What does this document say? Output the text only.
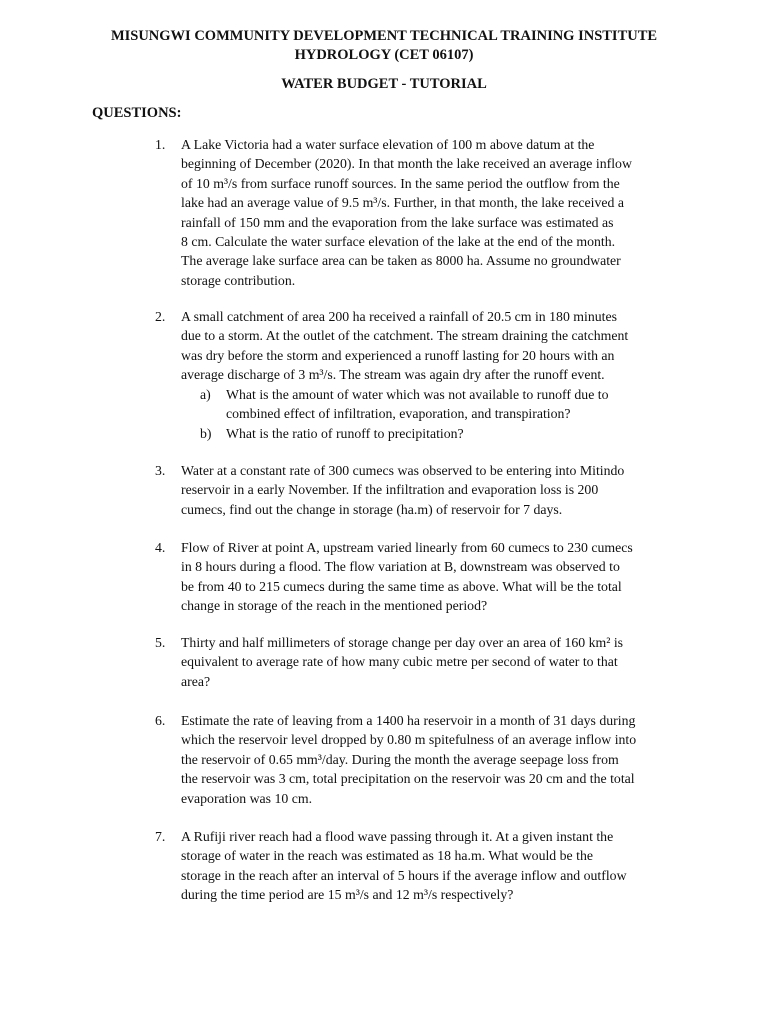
MISUNGWI COMMUNITY DEVELOPMENT TECHNICAL TRAINING INSTITUTE
HYDROLOGY (CET 06107)
WATER BUDGET - TUTORIAL
QUESTIONS:
1.	A Lake Victoria had a water surface elevation of 100 m above datum at the
beginning of December (2020). In that month the lake received an average inflow
of 10 m³/s from surface runoff sources. In the same period the outflow from the
lake had an average value of 9.5 m³/s. Further, in that month, the lake received a
rainfall of 150 mm and the evaporation from the lake surface was estimated as
8 cm. Calculate the water surface elevation of the lake at the end of the month.
The average lake surface area can be taken as 8000 ha. Assume no groundwater
storage contribution.
2.	A small catchment of area 200 ha received a rainfall of 20.5 cm in 180 minutes
due to a storm. At the outlet of the catchment. The stream draining the catchment
was dry before the storm and experienced a runoff lasting for 20 hours with an
average discharge of 3 m³/s. The stream was again dry after the runoff event.
a) What is the amount of water which was not available to runoff due to
combined effect of infiltration, evaporation, and transpiration?
b) What is the ratio of runoff to precipitation?
3.	Water at a constant rate of 300 cumecs was observed to be entering into Mitindo
reservoir in a early November. If the infiltration and evaporation loss is 200
cumecs, find out the change in storage (ha.m) of reservoir for 7 days.
4.	Flow of River at point A, upstream varied linearly from 60 cumecs to 230 cumecs
in 8 hours during a flood. The flow variation at B, downstream was observed to
be from 40 to 215 cumecs during the same time as above. What will be the total
change in storage of the reach in the mentioned period?
5.	Thirty and half millimeters of storage change per day over an area of 160 km² is
equivalent to average rate of how many cubic metre per second of water to that
area?
6.	Estimate the rate of leaving from a 1400 ha reservoir in a month of 31 days during
which the reservoir level dropped by 0.80 m spitefulness of an average inflow into
the reservoir of 0.65 mm³/day. During the month the average seepage loss from
the reservoir was 3 cm, total precipitation on the reservoir was 20 cm and the total
evaporation was 10 cm.
7.	A Rufiji river reach had a flood wave passing through it. At a given instant the
storage of water in the reach was estimated as 18 ha.m. What would be the
storage in the reach after an interval of 5 hours if the average inflow and outflow
during the time period are 15 m³/s and 12 m³/s respectively?
